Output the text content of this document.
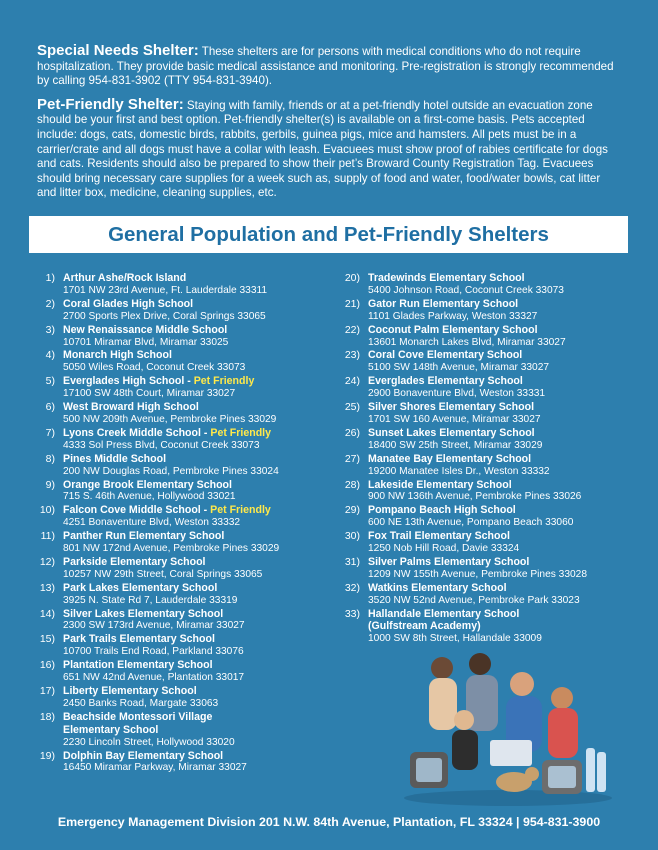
Special Needs Shelter: These shelters are for persons with medical conditions who do not require hospitalization. They provide basic medical assistance and monitoring. Pre-registration is strongly recommended by calling 954-831-3902 (TTY 954-831-3940).

Pet-Friendly Shelter: Staying with family, friends or at a pet-friendly hotel outside an evacuation zone should be your first and best option. Pet-friendly shelter(s) is available on a first-come basis. Pets accepted include: dogs, cats, domestic birds, rabbits, gerbils, guinea pigs, mice and hamsters. All pets must be in a carrier/crate and all dogs must have a collar with leash. Evacuees must show proof of rabies certificate for dogs and cats. Residents should also be prepared to show their pet’s Broward County Registration Tag. Evacuees should bring necessary care supplies for a week such as, supply of food and water, food/water bowls, cat litter and litter box, medicine, cleaning supplies, etc.

General Population and Pet-Friendly Shelters
1) Arthur Ashe/Rock Island
1701 NW 23rd Avenue, Ft. Lauderdale 33311
2) Coral Glades High School
2700 Sports Plex Drive, Coral Springs 33065
3) New Renaissance Middle School
10701 Miramar Blvd, Miramar 33025
4) Monarch High School
5050 Wiles Road, Coconut Creek 33073
5) Everglades High School - Pet Friendly
17100 SW 48th Court, Miramar 33027
6) West Broward High School
500 NW 209th Avenue, Pembroke Pines 33029
7) Lyons Creek Middle School - Pet Friendly
4333 Sol Press Blvd, Coconut Creek 33073
8) Pines Middle School
200 NW Douglas Road, Pembroke Pines 33024
9) Orange Brook Elementary School
715 S. 46th Avenue, Hollywood 33021
10) Falcon Cove Middle School - Pet Friendly
4251 Bonaventure Blvd, Weston 33332
11) Panther Run Elementary School
801 NW 172nd Avenue, Pembroke Pines 33029
12) Parkside Elementary School
10257 NW 29th Street, Coral Springs 33065
13) Park Lakes Elementary School
3925 N. State Rd 7, Lauderdale 33319
14) Silver Lakes Elementary School
2300 SW 173rd Avenue, Miramar 33027
15) Park Trails Elementary School
10700 Trails End Road, Parkland 33076
16) Plantation Elementary School
651 NW 42nd Avenue, Plantation 33017
17) Liberty Elementary School
2450 Banks Road, Margate 33063
18) Beachside Montessori Village
Elementary School
2230 Lincoln Street, Hollywood 33020
19) Dolphin Bay Elementary School
16450 Miramar Parkway, Miramar 33027
20) Tradewinds Elementary School
5400 Johnson Road, Coconut Creek 33073
21) Gator Run Elementary School
1101 Glades Parkway, Weston 33327
22) Coconut Palm Elementary School
13601 Monarch Lakes Blvd, Miramar 33027
23) Coral Cove Elementary School
5100 SW 148th Avenue, Miramar 33027
24) Everglades Elementary School
2900 Bonaventure Blvd, Weston 33331
25) Silver Shores Elementary School
1701 SW 160 Avenue, Miramar 33027
26) Sunset Lakes Elementary School
18400 SW 25th Street, Miramar 33029
27) Manatee Bay Elementary School
19200 Manatee Isles Dr., Weston 33332
28) Lakeside Elementary School
900 NW 136th Avenue, Pembroke Pines 33026
29) Pompano Beach High School
600 NE 13th Avenue, Pompano Beach 33060
30) Fox Trail Elementary School
1250 Nob Hill Road, Davie 33324
31) Silver Palms Elementary School
1209 NW 155th Avenue, Pembroke Pines 33028
32) Watkins Elementary School
3520 NW 52nd Avenue, Pembroke Park 33023
33) Hallandale Elementary School
(Gulfstream Academy)
1000 SW 8th Street, Hallandale 33009
Emergency Management Division 201 N.W. 84th Avenue, Plantation, FL 33324 | 954-831-3900
